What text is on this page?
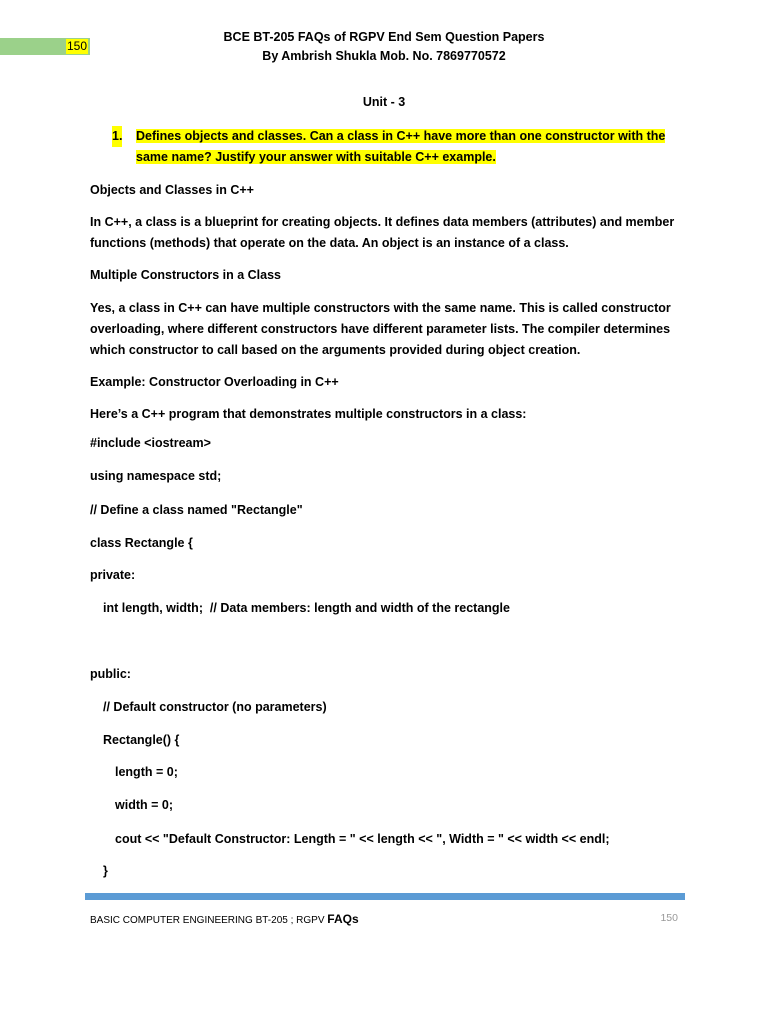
150
BCE BT-205 FAQs of RGPV End Sem Question Papers
By Ambrish Shukla Mob. No. 7869770572
Unit - 3
1. Defines objects and classes. Can a class in C++ have more than one constructor with the same name? Justify your answer with suitable C++ example.
Objects and Classes in C++
In C++, a class is a blueprint for creating objects. It defines data members (attributes) and member functions (methods) that operate on the data. An object is an instance of a class.
Multiple Constructors in a Class
Yes, a class in C++ can have multiple constructors with the same name. This is called constructor overloading, where different constructors have different parameter lists. The compiler determines which constructor to call based on the arguments provided during object creation.
Example: Constructor Overloading in C++
Here’s a C++ program that demonstrates multiple constructors in a class:
#include <iostream>
using namespace std;
// Define a class named "Rectangle"
class Rectangle {
private:
int length, width;  // Data members: length and width of the rectangle
public:
// Default constructor (no parameters)
Rectangle() {
length = 0;
width = 0;
cout << "Default Constructor: Length = " << length << ", Width = " << width << endl;
}
BASIC COMPUTER ENGINEERING BT-205 ; RGPV FAQs	150
